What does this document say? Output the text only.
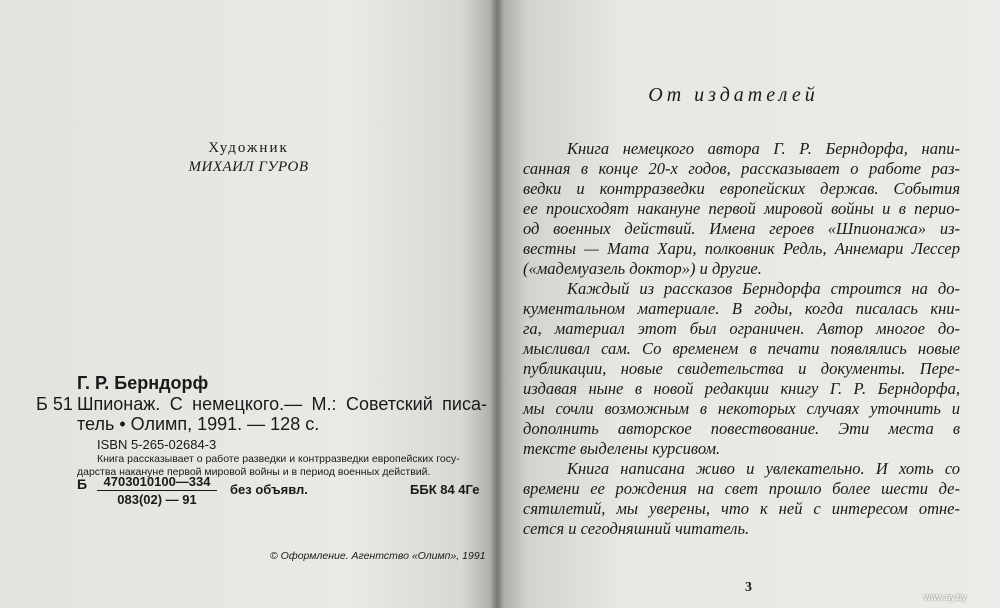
Художник
МИХАИЛ ГУРОВ
Г. Р. Берндорф
Б 51 Шпионаж. С немецкого.— М.: Советский писа-
тель • Олимп, 1991. — 128 с.
ISBN 5-265-02684-3
Книга рассказывает о работе разведки и контрразведки европейских госу-
дарства накануне первой мировой войны и в период военных действий.
Б $\frac{4703010100—334}{083(02) — 91}$ без объявл.	ББК 84 4Ге
© Оформление. Агентство «Олимп», 1991
От издателей
Книга немецкого автора Г. Р. Берндорфа, напи-
санная в конце 20-х годов, рассказывает о работе раз-
ведки и контрразведки европейских держав. События
ее происходят накануне первой мировой войны и в перио-
од военных действий. Имена героев «Шпионажа» из-
вестны — Мата Хари, полковник Редль, Аннемари Лессер
(«мадемуазель доктор») и другие.
Каждый из рассказов Берндорфа строится на до-
кументальном материале. В годы, когда писалась кни-
га, материал этот был ограничен. Автор многое до-
мысливал сам. Со временем в печати появлялись новые
публикации, новые свидетельства и документы. Пере-
издавая ныне в новой редакции книгу Г. Р. Берндорфа,
мы сочли возможным в некоторых случаях уточнить и
дополнить авторское повествование. Эти места в
тексте выделены курсивом.
Книга написана живо и увлекательно. И хоть со
времени ее рождения на свет прошло более шести де-
сятилетий, мы уверены, что к ней с интересом отне-
сется и сегодняшний читатель.
3
www.ay.by
